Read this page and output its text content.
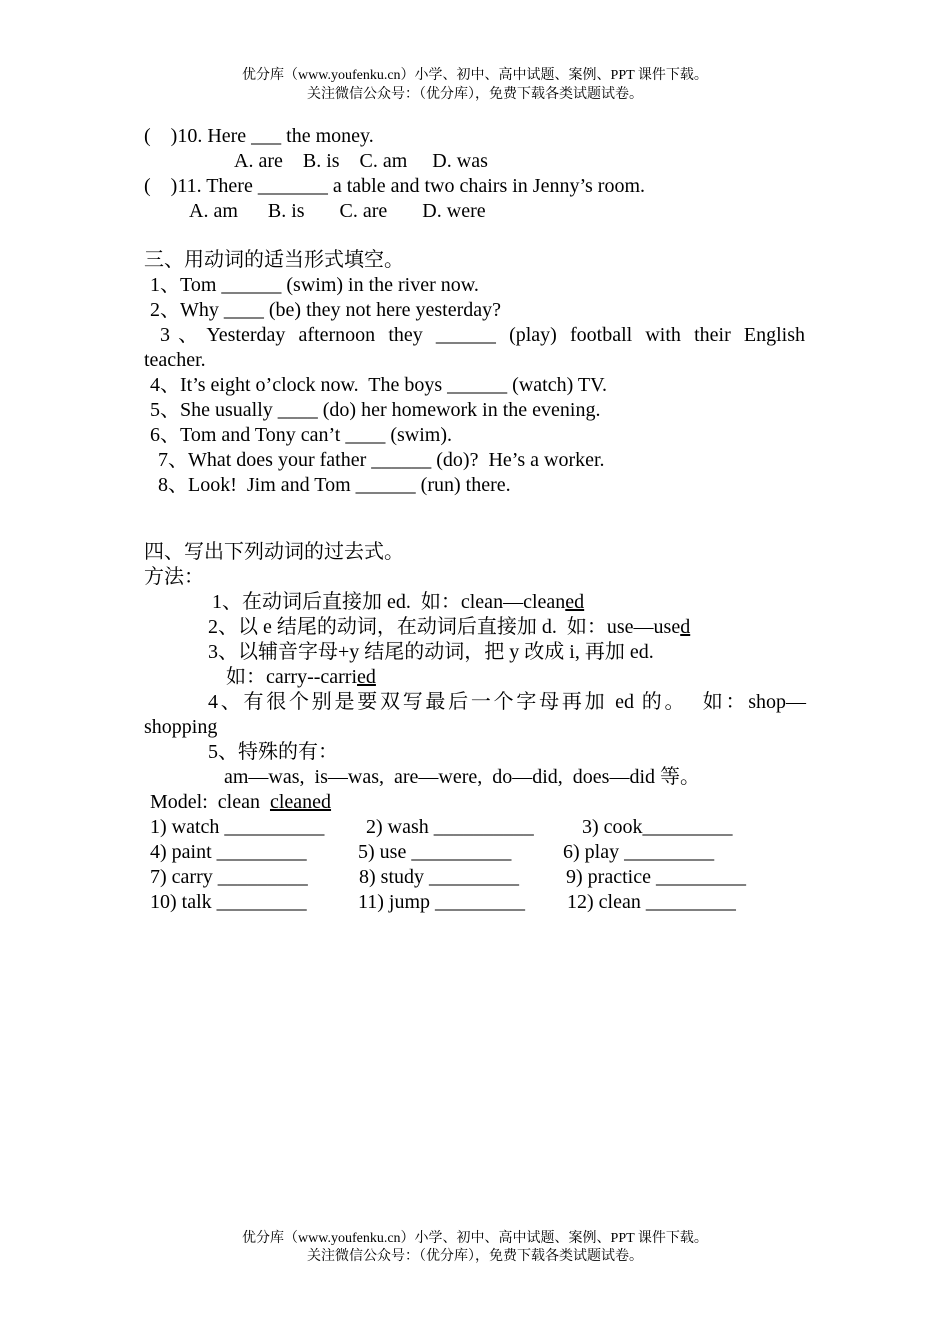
优分库（www.youfenku.cn）小学、初中、高中试题、案例、PPT 课件下载。
关注微信公众号：（优分库），免费下载各类试题试卷。
(    )10. Here ___ the money.
A. are    B. is    C. am     D. was
(    )11. There _______ a table and two chairs in Jenny’s room.
A. am      B. is       C. are       D. were
三、用动词的适当形式填空。
1、Tom ______ (swim) in the river now.
2、Why ____ (be) they not here yesterday?
3、Yesterday afternoon they ______ (play) football with their English
teacher.
4、It’s eight o’clock now.  The boys ______ (watch) TV.
5、She usually ____ (do) her homework in the evening.
6、Tom and Tony can’t ____ (swim).
7、What does your father ______ (do)?  He’s a worker.
8、Look!  Jim and Tom ______ (run) there.
四、写出下列动词的过去式。
方法：
1、在动词后直接加 ed.  如：clean—cleaned
2、以 e 结尾的动词，在动词后直接加 d.  如：use—used
3、以辅音字母+y 结尾的动词，把 y 改成 i, 再加 ed.
如：carry--carried
4、有很个别是要双写最后一个字母再加 ed 的。  如：shop—
shopping
5、特殊的有：
am—was,  is—was,  are—were,  do—did,  does—did 等。
Model:  clean  cleaned
1) watch __________ 2) wash __________ 3) cook_________
4) paint _________	5) use __________	6) play _________
7) carry _________	8) study _________ 9) practice _________
10) talk _________	11) jump _________ 12) clean _________
优分库（www.youfenku.cn）小学、初中、高中试题、案例、PPT 课件下载。
关注微信公众号：（优分库），免费下载各类试题试卷。
